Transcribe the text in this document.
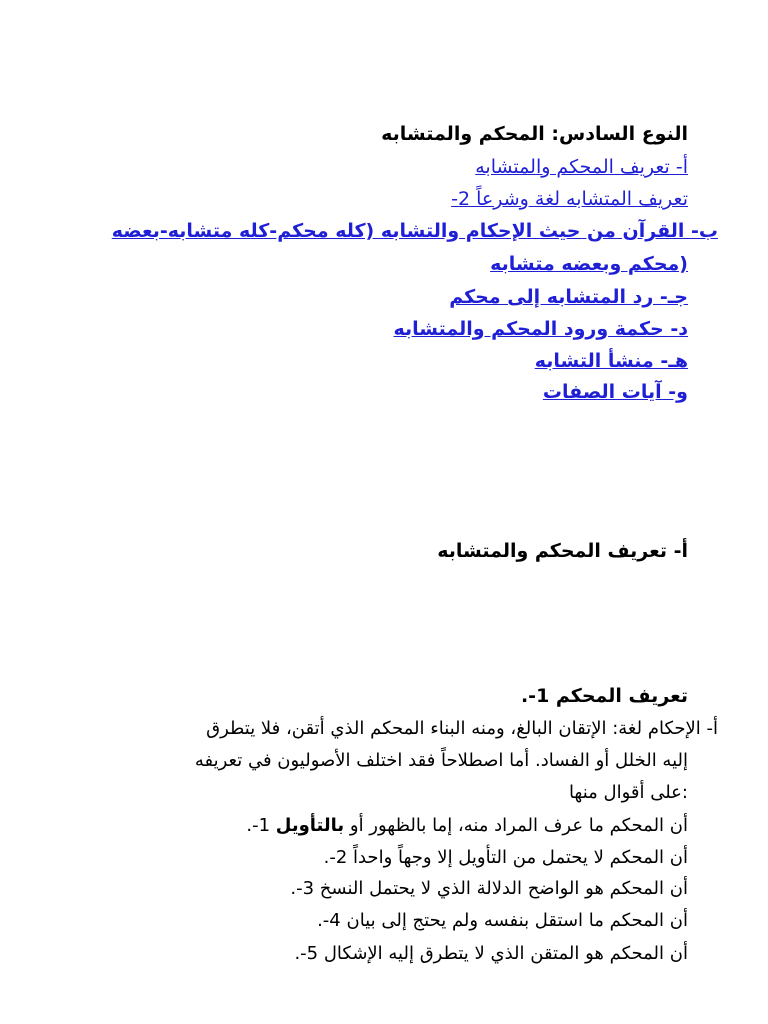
النوع السادس: المحكم والمتشابه

أ- تعريف المحكم والمتشابه

تعريف المتشابه لغة وشرعاً 2-

ب- القرآن من حيث الإحكام والتشابه (كله محكم-كله متشابه-بعضه

(محكم وبعضه متشابه

جـ- رد المتشابه إلى محكم

د- حكمة ورود المحكم والمتشابه

هـ- منشأ التشابه

و- آيات الصفات

أ- تعريف المحكم والمتشابه

تعريف المحكم 1-.

أ- الإحكام لغة: الإتقان البالغ، ومنه البناء المحكم الذي أتقن، فلا يتطرق

إليه الخلل أو الفساد. أما اصطلاحاً فقد اختلف الأصوليون في تعريفه

:على أقوال منها

أن المحكم ما عرف المراد منه، إما بالظهور أو بالتأويل 1-.

أن المحكم لا يحتمل من التأويل إلا وجهاً واحداً 2-.

أن المحكم هو الواضح الدلالة الذي لا يحتمل النسخ 3-.

أن المحكم ما استقل بنفسه ولم يحتج إلى بيان 4-.

أن المحكم هو المتقن الذي لا يتطرق إليه الإشكال 5-.
